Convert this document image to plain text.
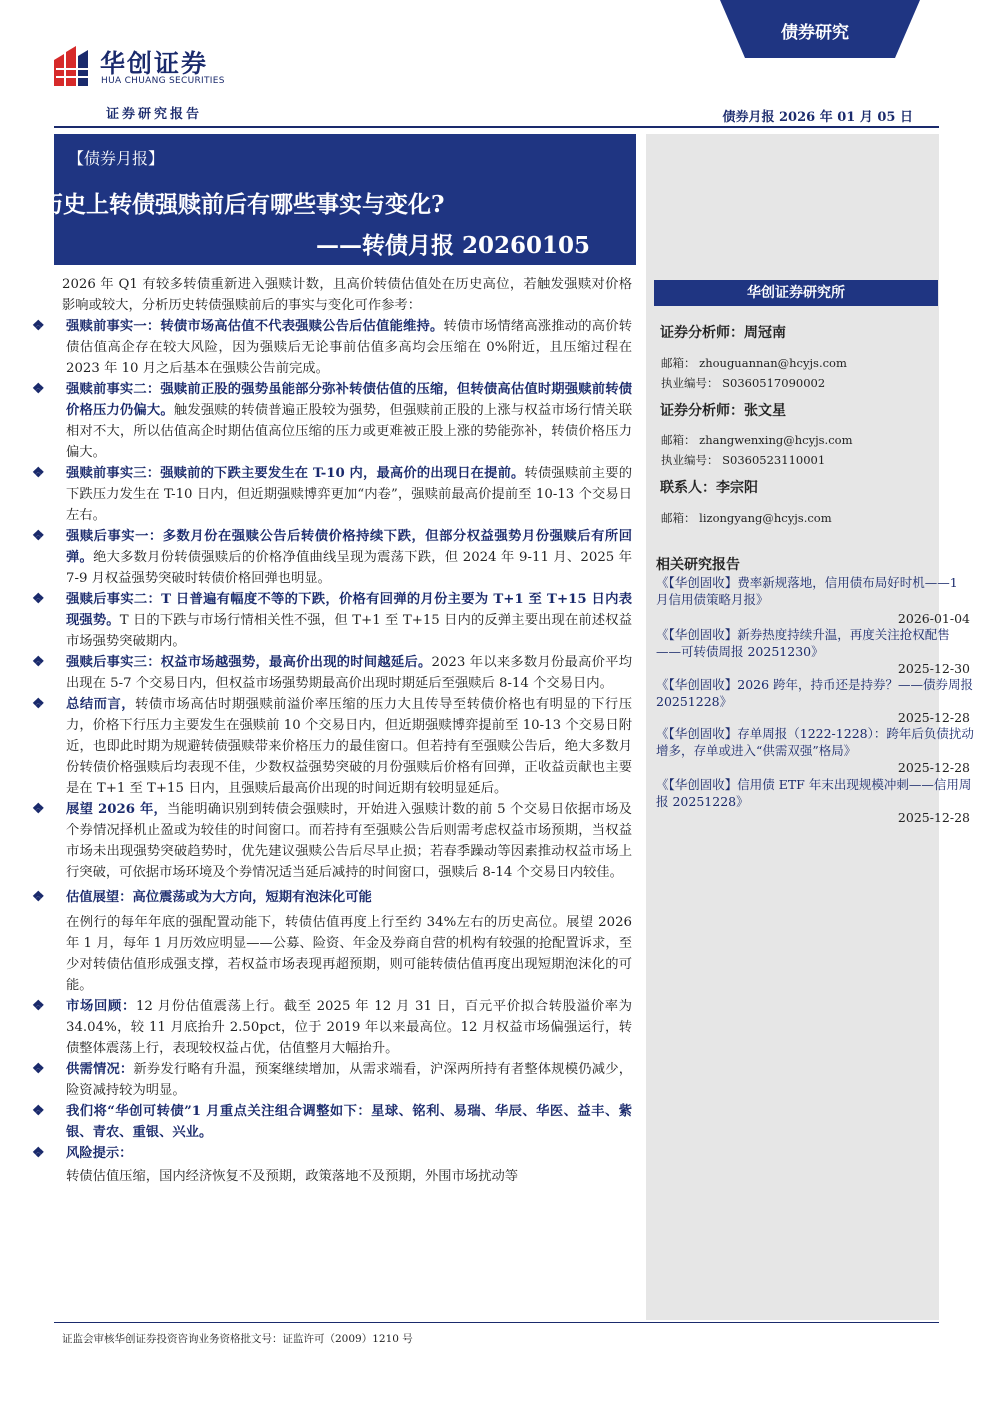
华创证券
HUA CHUANG SECURITIES
证券研究报告
债券研究
债券月报 2026 年 01 月 05 日
【债券月报】
历史上转债强赎前后有哪些事实与变化?
——转债月报 20260105
华创证券研究所
证券分析师：周冠南
邮箱： zhouguannan@hcyjs.com
执业编号： S0360517090002
证券分析师：张文星
邮箱： zhangwenxing@hcyjs.com
执业编号： S0360523110001
联系人：李宗阳
邮箱： lizongyang@hcyjs.com
相关研究报告
《【华创固收】费率新规落地，信用债布局好时机——1 月信用债策略月报》
2026-01-04
《【华创固收】新券热度持续升温，再度关注抢权配售——可转债周报 20251230》
2025-12-30
《【华创固收】2026 跨年，持币还是持券？——债券周报 20251228》
2025-12-28
《【华创固收】存单周报（1222-1228）：跨年后负债扰动增多，存单或进入“供需双强”格局》
2025-12-28
《【华创固收】信用债 ETF 年末出现规模冲刺——信用周报 20251228》
2025-12-28

2026 年 Q1 有较多转债重新进入强赎计数，且高价转债估值处在历史高位，若触发强赎对价格影响或较大，分析历史转债强赎前后的事实与变化可作参考：

❖ 强赎前事实一：转债市场高估值不代表强赎公告后估值能维持。转债市场情绪高涨推动的高价转债估值高企存在较大风险，因为强赎后无论事前估值多高均会压缩在 0%附近，且压缩过程在 2023 年 10 月之后基本在强赎公告前完成。

❖ 强赎前事实二：强赎前正股的强势虽能部分弥补转债估值的压缩，但转债高估值时期强赎前转债价格压力仍偏大。触发强赎的转债普遍正股较为强势，但强赎前正股的上涨与权益市场行情关联相对不大，所以估值高企时期估值高位压缩的压力或更难被正股上涨的势能弥补，转债价格压力偏大。

❖ 强赎前事实三：强赎前的下跌主要发生在 T-10 内，最高价的出现日在提前。转债强赎前主要的下跌压力发生在 T-10 日内，但近期强赎博弈更加“内卷”，强赎前最高价提前至 10-13 个交易日左右。

❖ 强赎后事实一：多数月份在强赎公告后转债价格持续下跌，但部分权益强势月份强赎后有所回弹。绝大多数月份转债强赎后的价格净值曲线呈现为震荡下跌，但 2024 年 9-11 月、2025 年 7-9 月权益强势突破时转债价格回弹也明显。

❖ 强赎后事实二：T 日普遍有幅度不等的下跌，价格有回弹的月份主要为 T+1 至 T+15 日内表现强势。T 日的下跌与市场行情相关性不强，但 T+1 至 T+15 日内的反弹主要出现在前述权益市场强势突破期内。

❖ 强赎后事实三：权益市场越强势，最高价出现的时间越延后。2023 年以来多数月份最高价平均出现在 5-7 个交易日内，但权益市场强势期最高价出现时期延后至强赎后 8-14 个交易日内。

❖ 总结而言，转债市场高估时期强赎前溢价率压缩的压力大且传导至转债价格也有明显的下行压力，价格下行压力主要发生在强赎前 10 个交易日内，但近期强赎博弈提前至 10-13 个交易日附近，也即此时期为规避转债强赎带来价格压力的最佳窗口。但若持有至强赎公告后，绝大多数月份转债价格强赎后均表现不佳，少数权益强势突破的月份强赎后价格有回弹，正收益贡献也主要是在 T+1 至 T+15 日内，且强赎后最高价出现的时间近期有较明显延后。

❖ 展望 2026 年，当能明确识别到转债会强赎时，开始进入强赎计数的前 5 个交易日依据市场及个券情况择机止盈或为较佳的时间窗口。而若持有至强赎公告后则需考虑权益市场预期，当权益市场未出现强势突破趋势时，优先建议强赎公告后尽早止损；若春季躁动等因素推动权益市场上行突破，可依据市场环境及个券情况适当延后减持的时间窗口，强赎后 8-14 个交易日内较佳。

❖ 估值展望：高位震荡或为大方向，短期有泡沫化可能

在例行的每年年底的强配置动能下，转债估值再度上行至约 34%左右的历史高位。展望 2026 年 1 月，每年 1 月历效应明显——公募、险资、年金及券商自营的机构有较强的抢配置诉求，至少对转债估值形成强支撑，若权益市场表现再超预期，则可能转债估值再度出现短期泡沫化的可能。

❖ 市场回顾：12 月份估值震荡上行。截至 2025 年 12 月 31 日，百元平价拟合转股溢价率为 34.04%，较 11 月底抬升 2.50pct，位于 2019 年以来最高位。12 月权益市场偏强运行，转债整体震荡上行，表现较权益占优，估值整月大幅抬升。

❖ 供需情况：新券发行略有升温，预案继续增加，从需求端看，沪深两所持有者整体规模仍减少，险资减持较为明显。

❖ 我们将“华创可转债”1 月重点关注组合调整如下：星球、铭利、易瑞、华辰、华医、益丰、紫银、青农、重银、兴业。

❖ 风险提示：

转债估值压缩，国内经济恢复不及预期，政策落地不及预期，外围市场扰动等

证监会审核华创证券投资咨询业务资格批文号：证监许可（2009）1210 号
